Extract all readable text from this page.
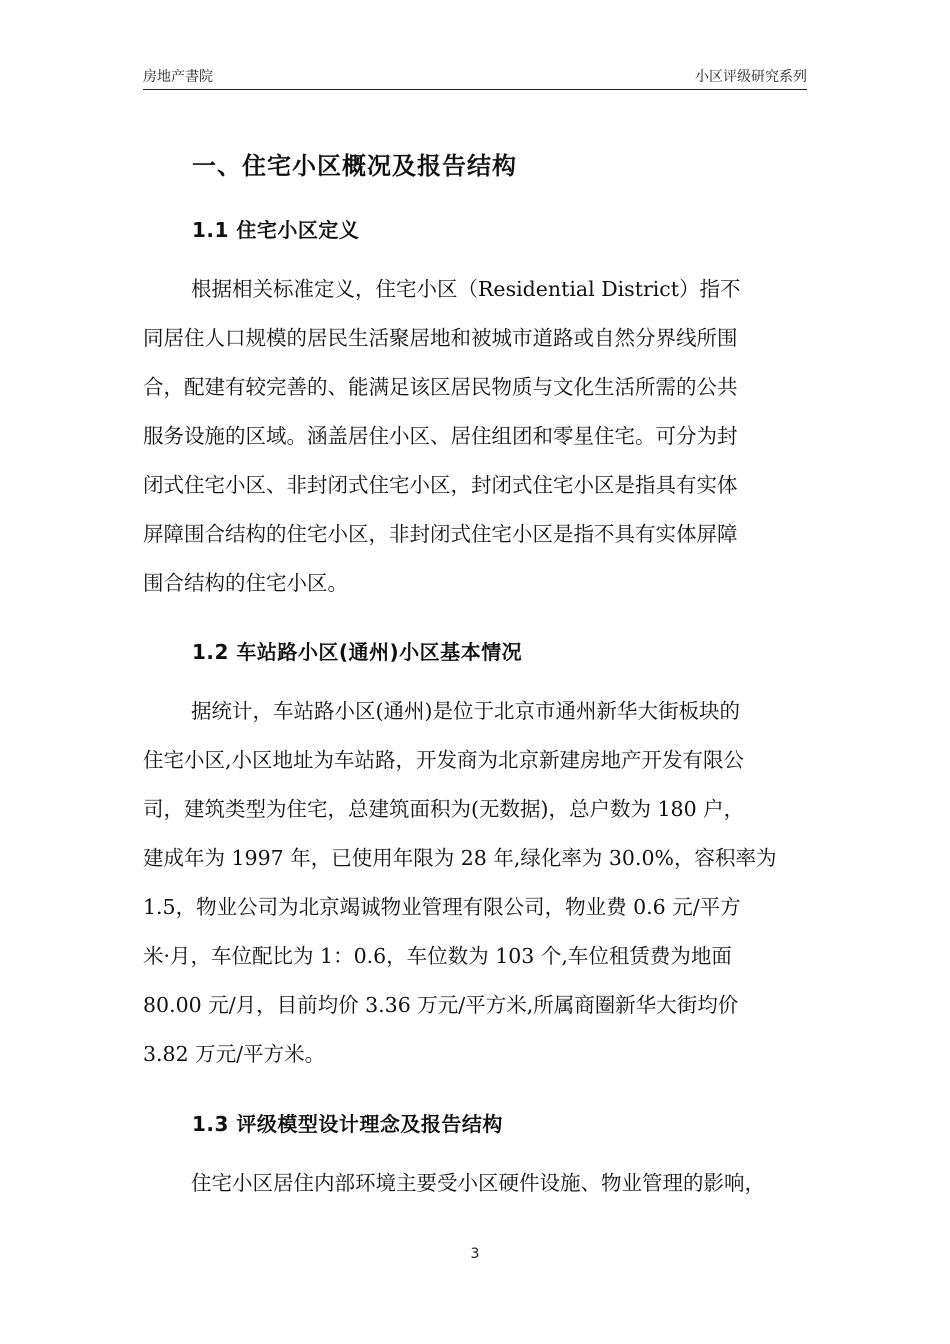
房地产書院	小区评级研究系列
一、住宅小区概况及报告结构
1.1 住宅小区定义
根据相关标准定义，住宅小区（Residential District）指不
同居住人口规模的居民生活聚居地和被城市道路或自然分界线所围
合，配建有较完善的、能满足该区居民物质与文化生活所需的公共
服务设施的区域。涵盖居住小区、居住组团和零星住宅。可分为封
闭式住宅小区、非封闭式住宅小区，封闭式住宅小区是指具有实体
屏障围合结构的住宅小区，非封闭式住宅小区是指不具有实体屏障
围合结构的住宅小区。
1.2 车站路小区(通州)小区基本情况
据统计，车站路小区(通州)是位于北京市通州新华大街板块的
住宅小区,小区地址为车站路，开发商为北京新建房地产开发有限公
司，建筑类型为住宅，总建筑面积为(无数据)，总户数为 180 户，
建成年为 1997 年，已使用年限为 28 年,绿化率为 30.0%，容积率为
1.5，物业公司为北京竭诚物业管理有限公司，物业费 0.6 元/平方
米·月，车位配比为 1：0.6，车位数为 103 个,车位租赁费为地面
80.00 元/月，目前均价 3.36 万元/平方米,所属商圈新华大街均价
3.82 万元/平方米。
1.3 评级模型设计理念及报告结构
住宅小区居住内部环境主要受小区硬件设施、物业管理的影响，
3
